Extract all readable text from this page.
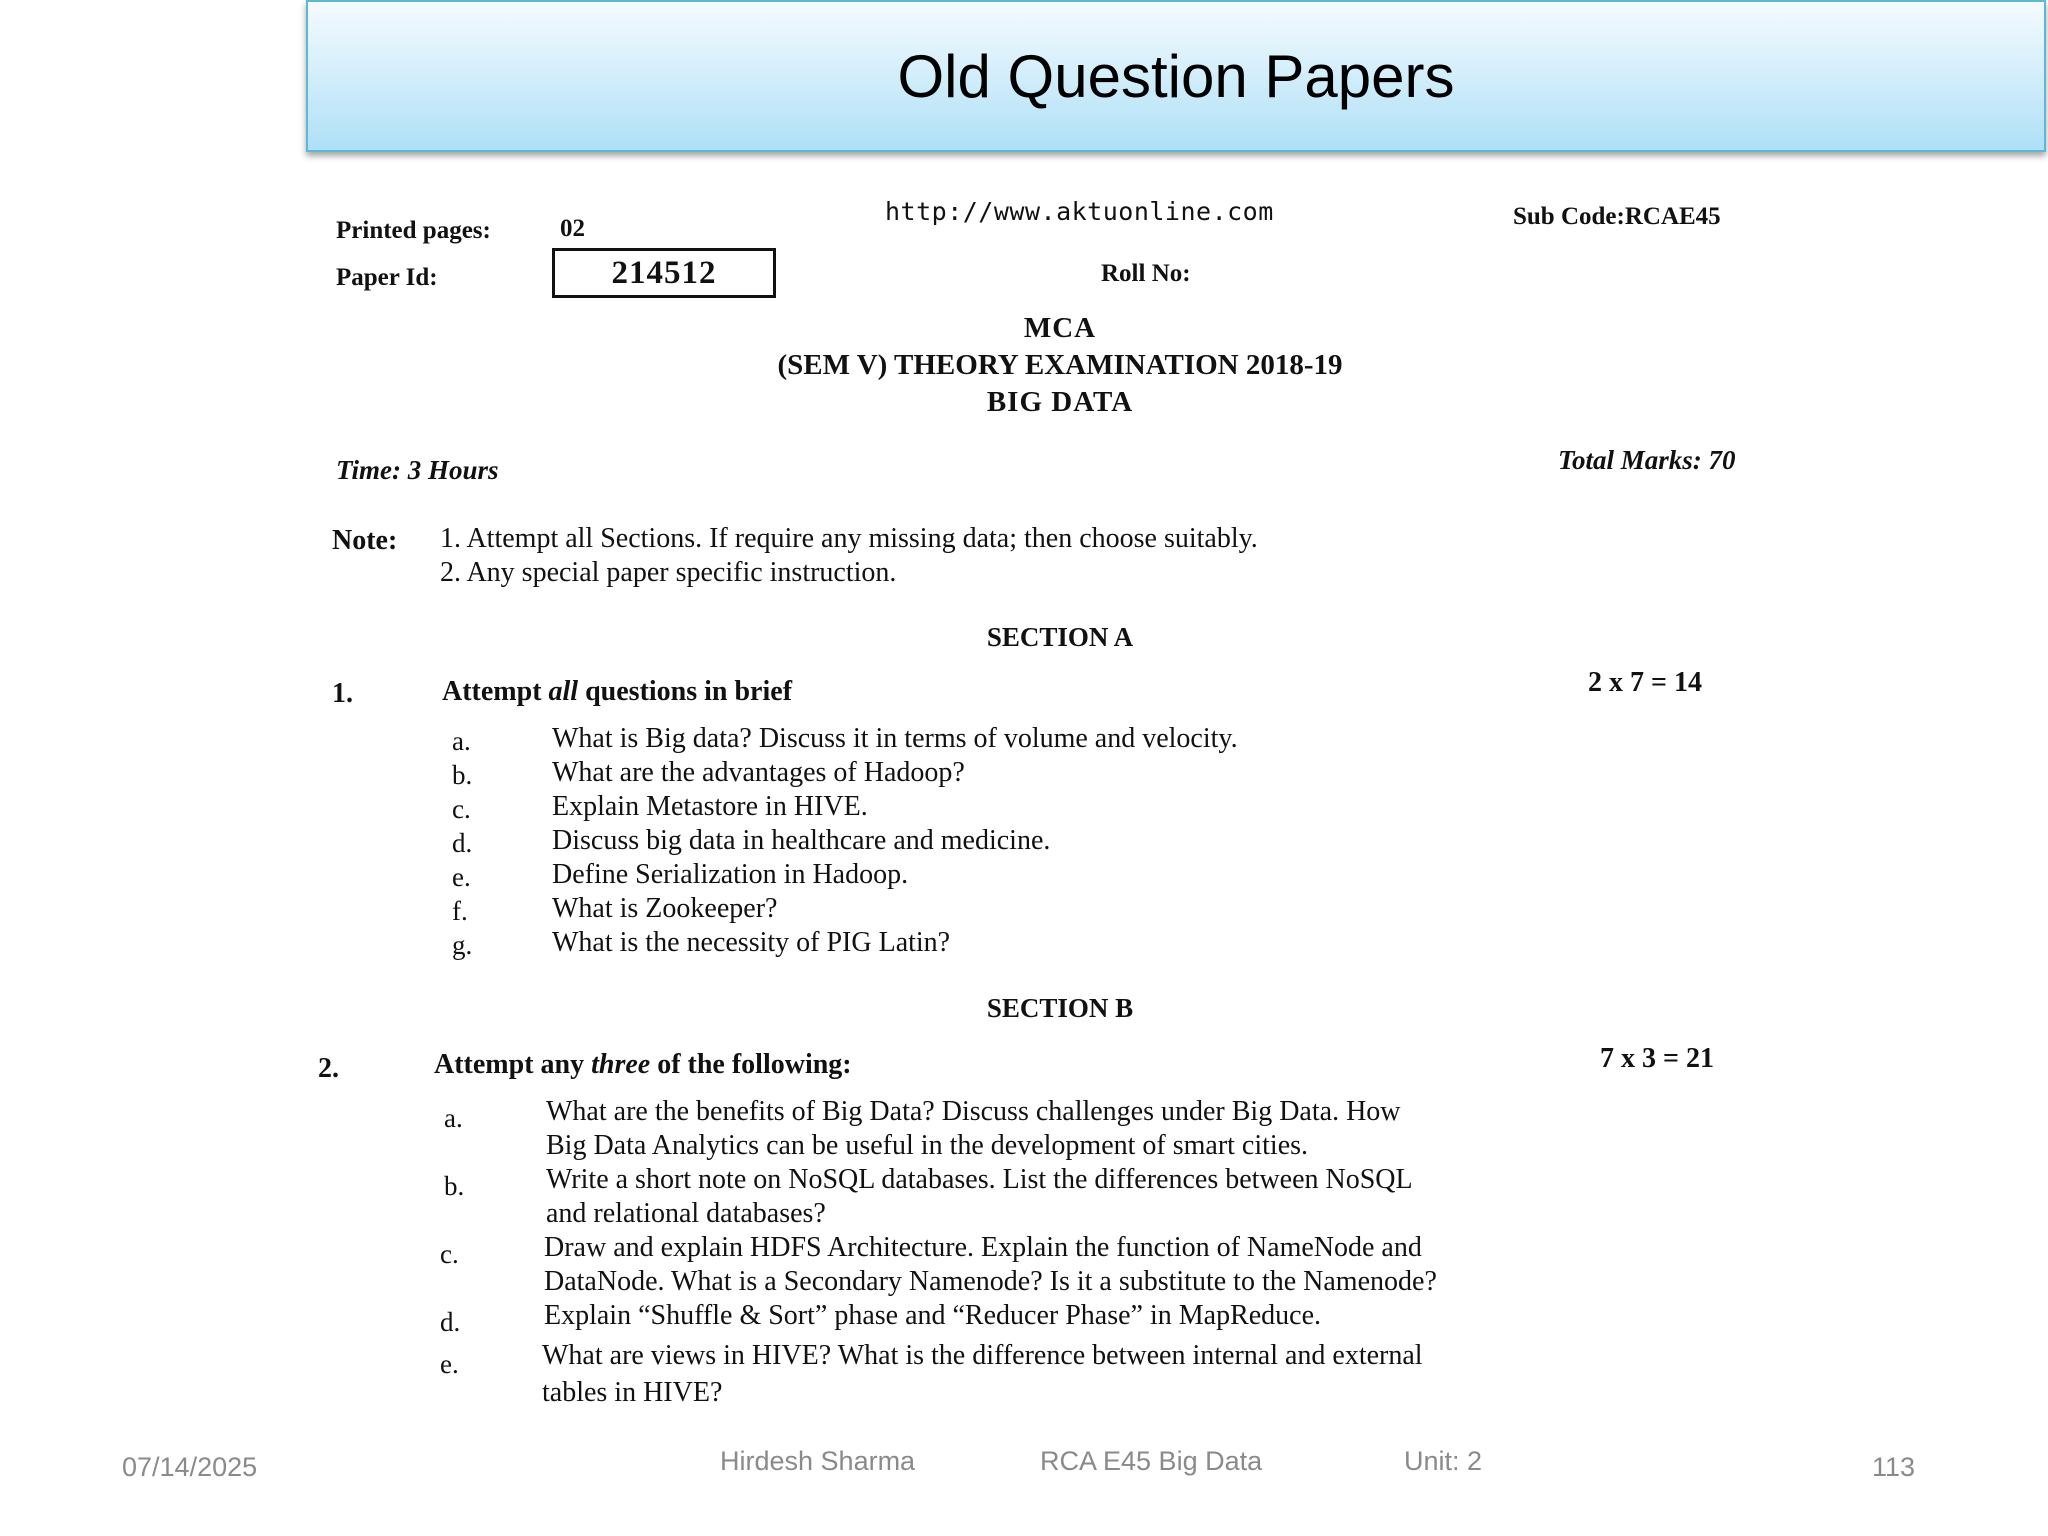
Old Question Papers
Printed pages:	02
http://www.aktuonline.com	Sub Code:RCAE45
Paper Id:	214512	Roll No:
MCA
(SEM V) THEORY EXAMINATION 2018-19
BIG DATA
Time: 3 Hours	Total Marks: 70
Note: 1. Attempt all Sections. If require any missing data; then choose suitably.
2. Any special paper specific instruction.
SECTION A
1.	Attempt all questions in brief	2 x 7 = 14
a.	What is Big data? Discuss it in terms of volume and velocity.
b.	What are the advantages of Hadoop?
c.	Explain Metastore in HIVE.
d.	Discuss big data in healthcare and medicine.
e.	Define Serialization in Hadoop.
f.	What is Zookeeper?
g.	What is the necessity of PIG Latin?
SECTION B
2.	Attempt any three of the following:	7 x 3 = 21
a.	What are the benefits of Big Data? Discuss challenges under Big Data. How
Big Data Analytics can be useful in the development of smart cities.
b.	Write a short note on NoSQL databases. List the differences between NoSQL
and relational databases?
c.	Draw and explain HDFS Architecture. Explain the function of NameNode and
DataNode. What is a Secondary Namenode? Is it a substitute to the Namenode?
d.	Explain “Shuffle & Sort” phase and “Reducer Phase” in MapReduce.
e.	What are views in HIVE? What is the difference between internal and external
tables in HIVE?
07/14/2025	Hirdesh Sharma	RCA E45 Big Data	Unit: 2	113
